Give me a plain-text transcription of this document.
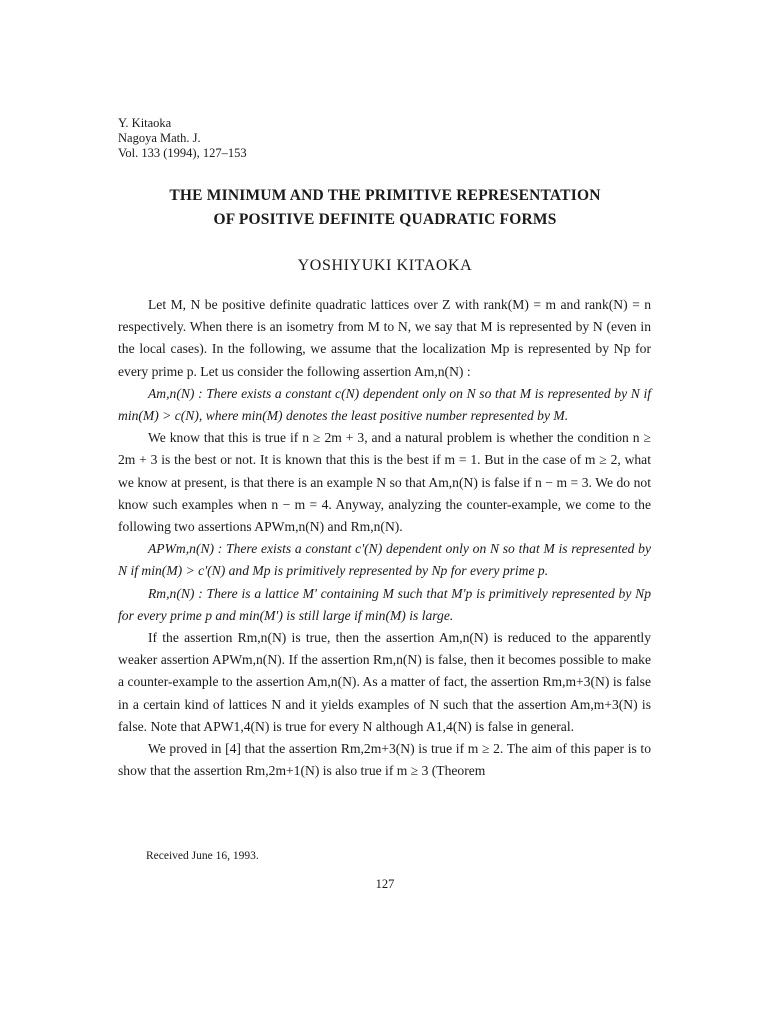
Y. Kitaoka
Nagoya Math. J.
Vol. 133 (1994), 127–153
THE MINIMUM AND THE PRIMITIVE REPRESENTATION
OF POSITIVE DEFINITE QUADRATIC FORMS
YOSHIYUKI KITAOKA

Let M, N be positive definite quadratic lattices over Z with rank(M) = m and rank(N) = n respectively. When there is an isometry from M to N, we say that M is represented by N (even in the local cases). In the following, we assume that the localization Mp is represented by Np for every prime p. Let us consider the following assertion Am,n(N) :

Am,n(N) : There exists a constant c(N) dependent only on N so that M is represented by N if min(M) > c(N), where min(M) denotes the least positive number represented by M.

We know that this is true if n ≥ 2m + 3, and a natural problem is whether the condition n ≥ 2m + 3 is the best or not. It is known that this is the best if m = 1. But in the case of m ≥ 2, what we know at present, is that there is an example N so that Am,n(N) is false if n − m = 3. We do not know such examples when n − m = 4. Anyway, analyzing the counter-example, we come to the following two assertions APWm,n(N) and Rm,n(N).

APWm,n(N) : There exists a constant c'(N) dependent only on N so that M is represented by N if min(M) > c'(N) and Mp is primitively represented by Np for every prime p.

Rm,n(N) : There is a lattice M' containing M such that M'p is primitively represented by Np for every prime p and min(M') is still large if min(M) is large.

If the assertion Rm,n(N) is true, then the assertion Am,n(N) is reduced to the apparently weaker assertion APWm,n(N). If the assertion Rm,n(N) is false, then it becomes possible to make a counter-example to the assertion Am,n(N). As a matter of fact, the assertion Rm,m+3(N) is false in a certain kind of lattices N and it yields examples of N such that the assertion Am,m+3(N) is false. Note that APW1,4(N) is true for every N although A1,4(N) is false in general.

We proved in [4] that the assertion Rm,2m+3(N) is true if m ≥ 2. The aim of this paper is to show that the assertion Rm,2m+1(N) is also true if m ≥ 3 (Theorem

Received June 16, 1993.
127
